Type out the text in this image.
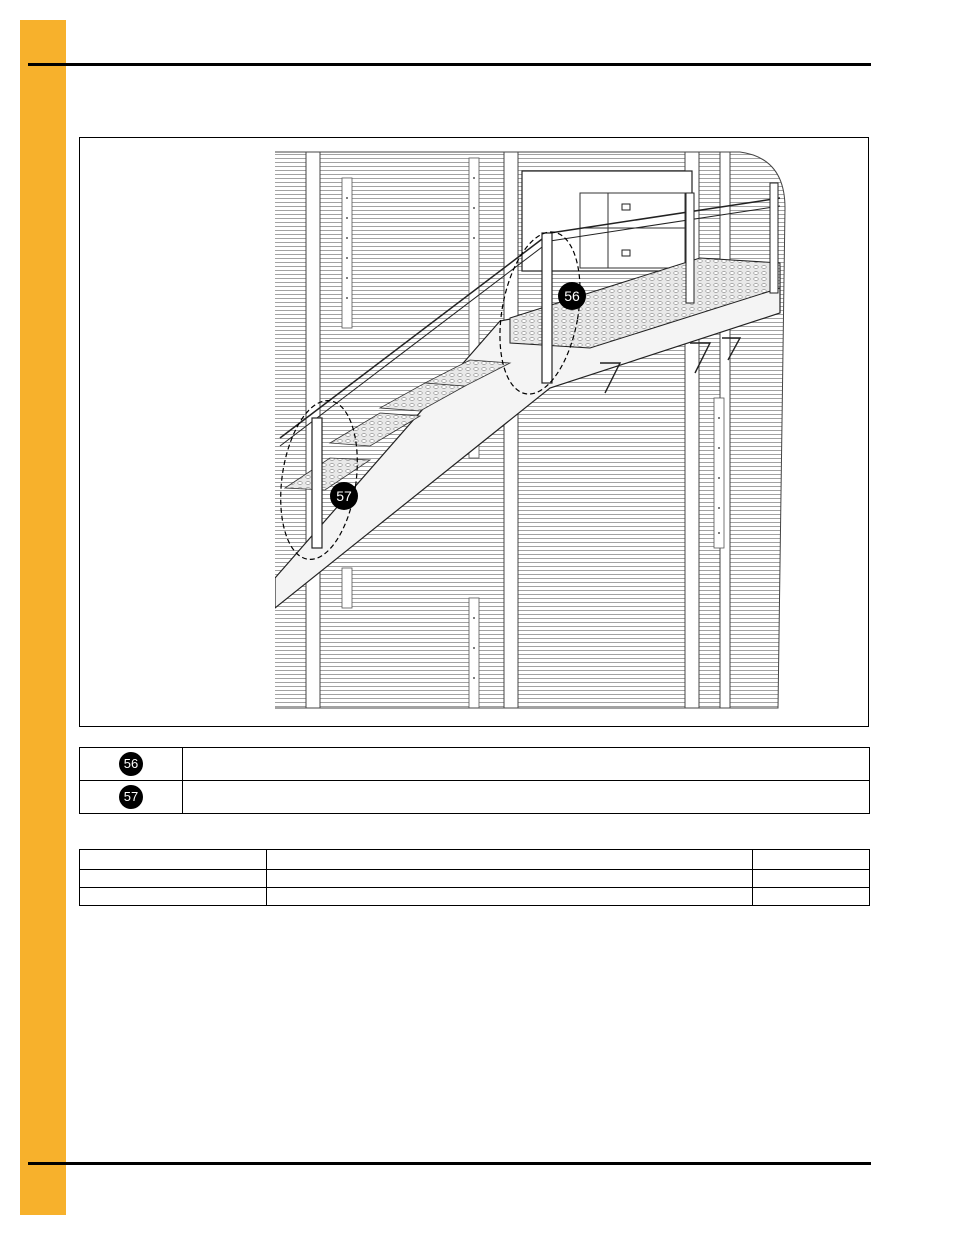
56
57
56	
57	
